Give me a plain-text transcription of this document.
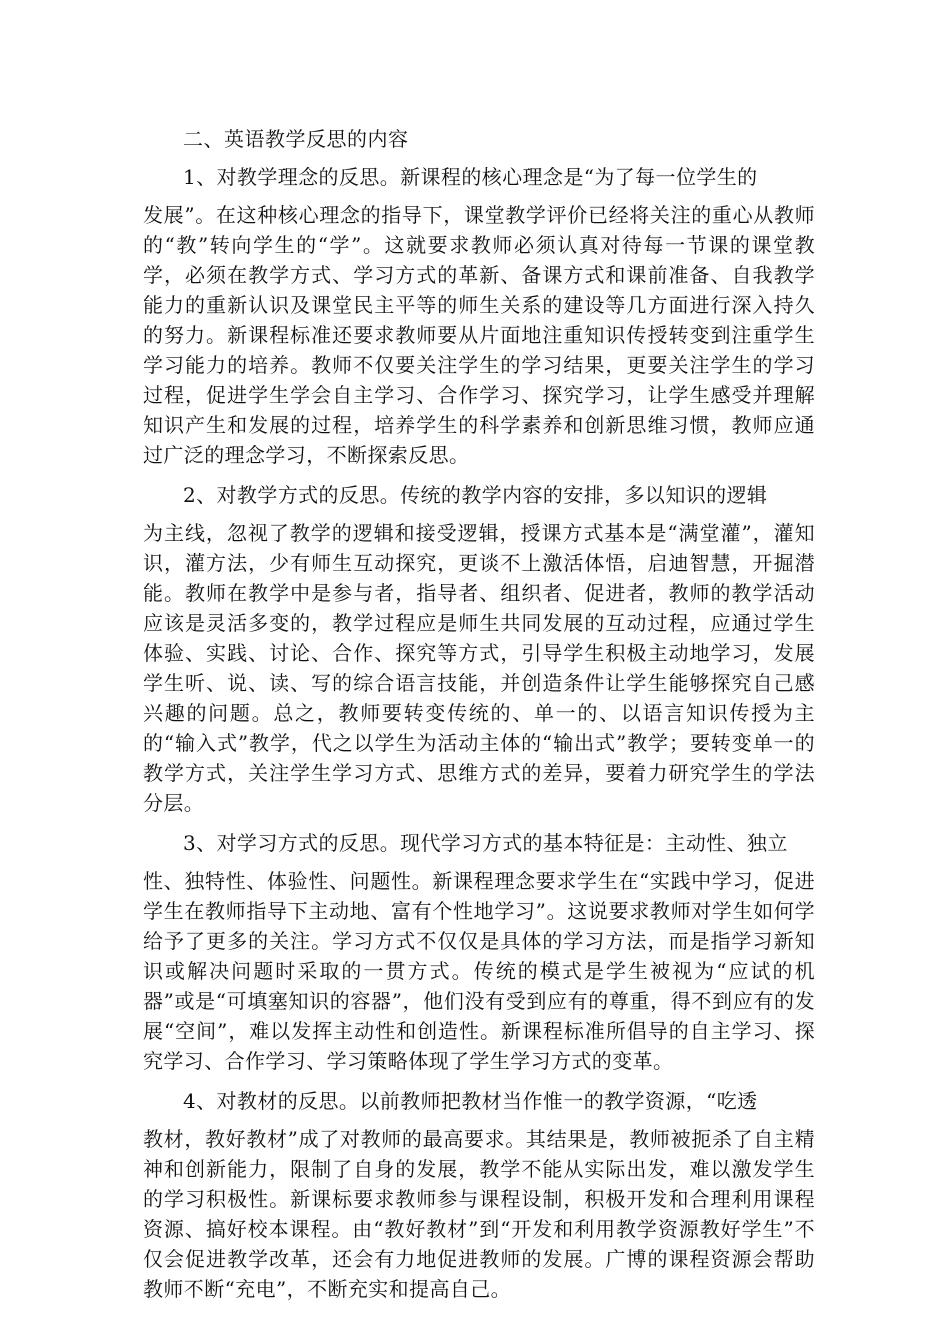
二、英语教学反思的内容
1、对教学理念的反思。新课程的核心理念是“为了每一位学生的
发展”。在这种核心理念的指导下，课堂教学评价已经将关注的重心从教师的“教”转向学生的“学”。这就要求教师必须认真对待每一节课的课堂教学，必须在教学方式、学习方式的革新、备课方式和课前准备、自我教学能力的重新认识及课堂民主平等的师生关系的建设等几方面进行深入持久的努力。新课程标准还要求教师要从片面地注重知识传授转变到注重学生学习能力的培养。教师不仅要关注学生的学习结果，更要关注学生的学习过程，促进学生学会自主学习、合作学习、探究学习，让学生感受并理解知识产生和发展的过程，培养学生的科学素养和创新思维习惯，教师应通过广泛的理念学习，不断探索反思。
2、对教学方式的反思。传统的教学内容的安排，多以知识的逻辑
为主线，忽视了教学的逻辑和接受逻辑，授课方式基本是“满堂灌”，灌知识，灌方法，少有师生互动探究，更谈不上激活体悟，启迪智慧，开掘潜能。教师在教学中是参与者，指导者、组织者、促进者，教师的教学活动应该是灵活多变的，教学过程应是师生共同发展的互动过程，应通过学生体验、实践、讨论、合作、探究等方式，引导学生积极主动地学习，发展学生听、说、读、写的综合语言技能，并创造条件让学生能够探究自己感兴趣的问题。总之，教师要转变传统的、单一的、以语言知识传授为主的“输入式”教学，代之以学生为活动主体的“输出式”教学；要转变单一的教学方式，关注学生学习方式、思维方式的差异，要着力研究学生的学法分层。
3、对学习方式的反思。现代学习方式的基本特征是：主动性、独立
性、独特性、体验性、问题性。新课程理念要求学生在“实践中学习，促进学生在教师指导下主动地、富有个性地学习”。这说要求教师对学生如何学给予了更多的关注。学习方式不仅仅是具体的学习方法，而是指学习新知识或解决问题时采取的一贯方式。传统的模式是学生被视为“应试的机器”或是“可填塞知识的容器”，他们没有受到应有的尊重，得不到应有的发展“空间”，难以发挥主动性和创造性。新课程标准所倡导的自主学习、探究学习、合作学习、学习策略体现了学生学习方式的变革。
4、对教材的反思。以前教师把教材当作惟一的教学资源，“吃透
教材，教好教材”成了对教师的最高要求。其结果是，教师被扼杀了自主精神和创新能力，限制了自身的发展，教学不能从实际出发，难以激发学生的学习积极性。新课标要求教师参与课程设制，积极开发和合理利用课程资源、搞好校本课程。由“教好教材”到“开发和利用教学资源教好学生”不仅会促进教学改革，还会有力地促进教师的发展。广博的课程资源会帮助教师不断“充电”，不断充实和提高自己。
